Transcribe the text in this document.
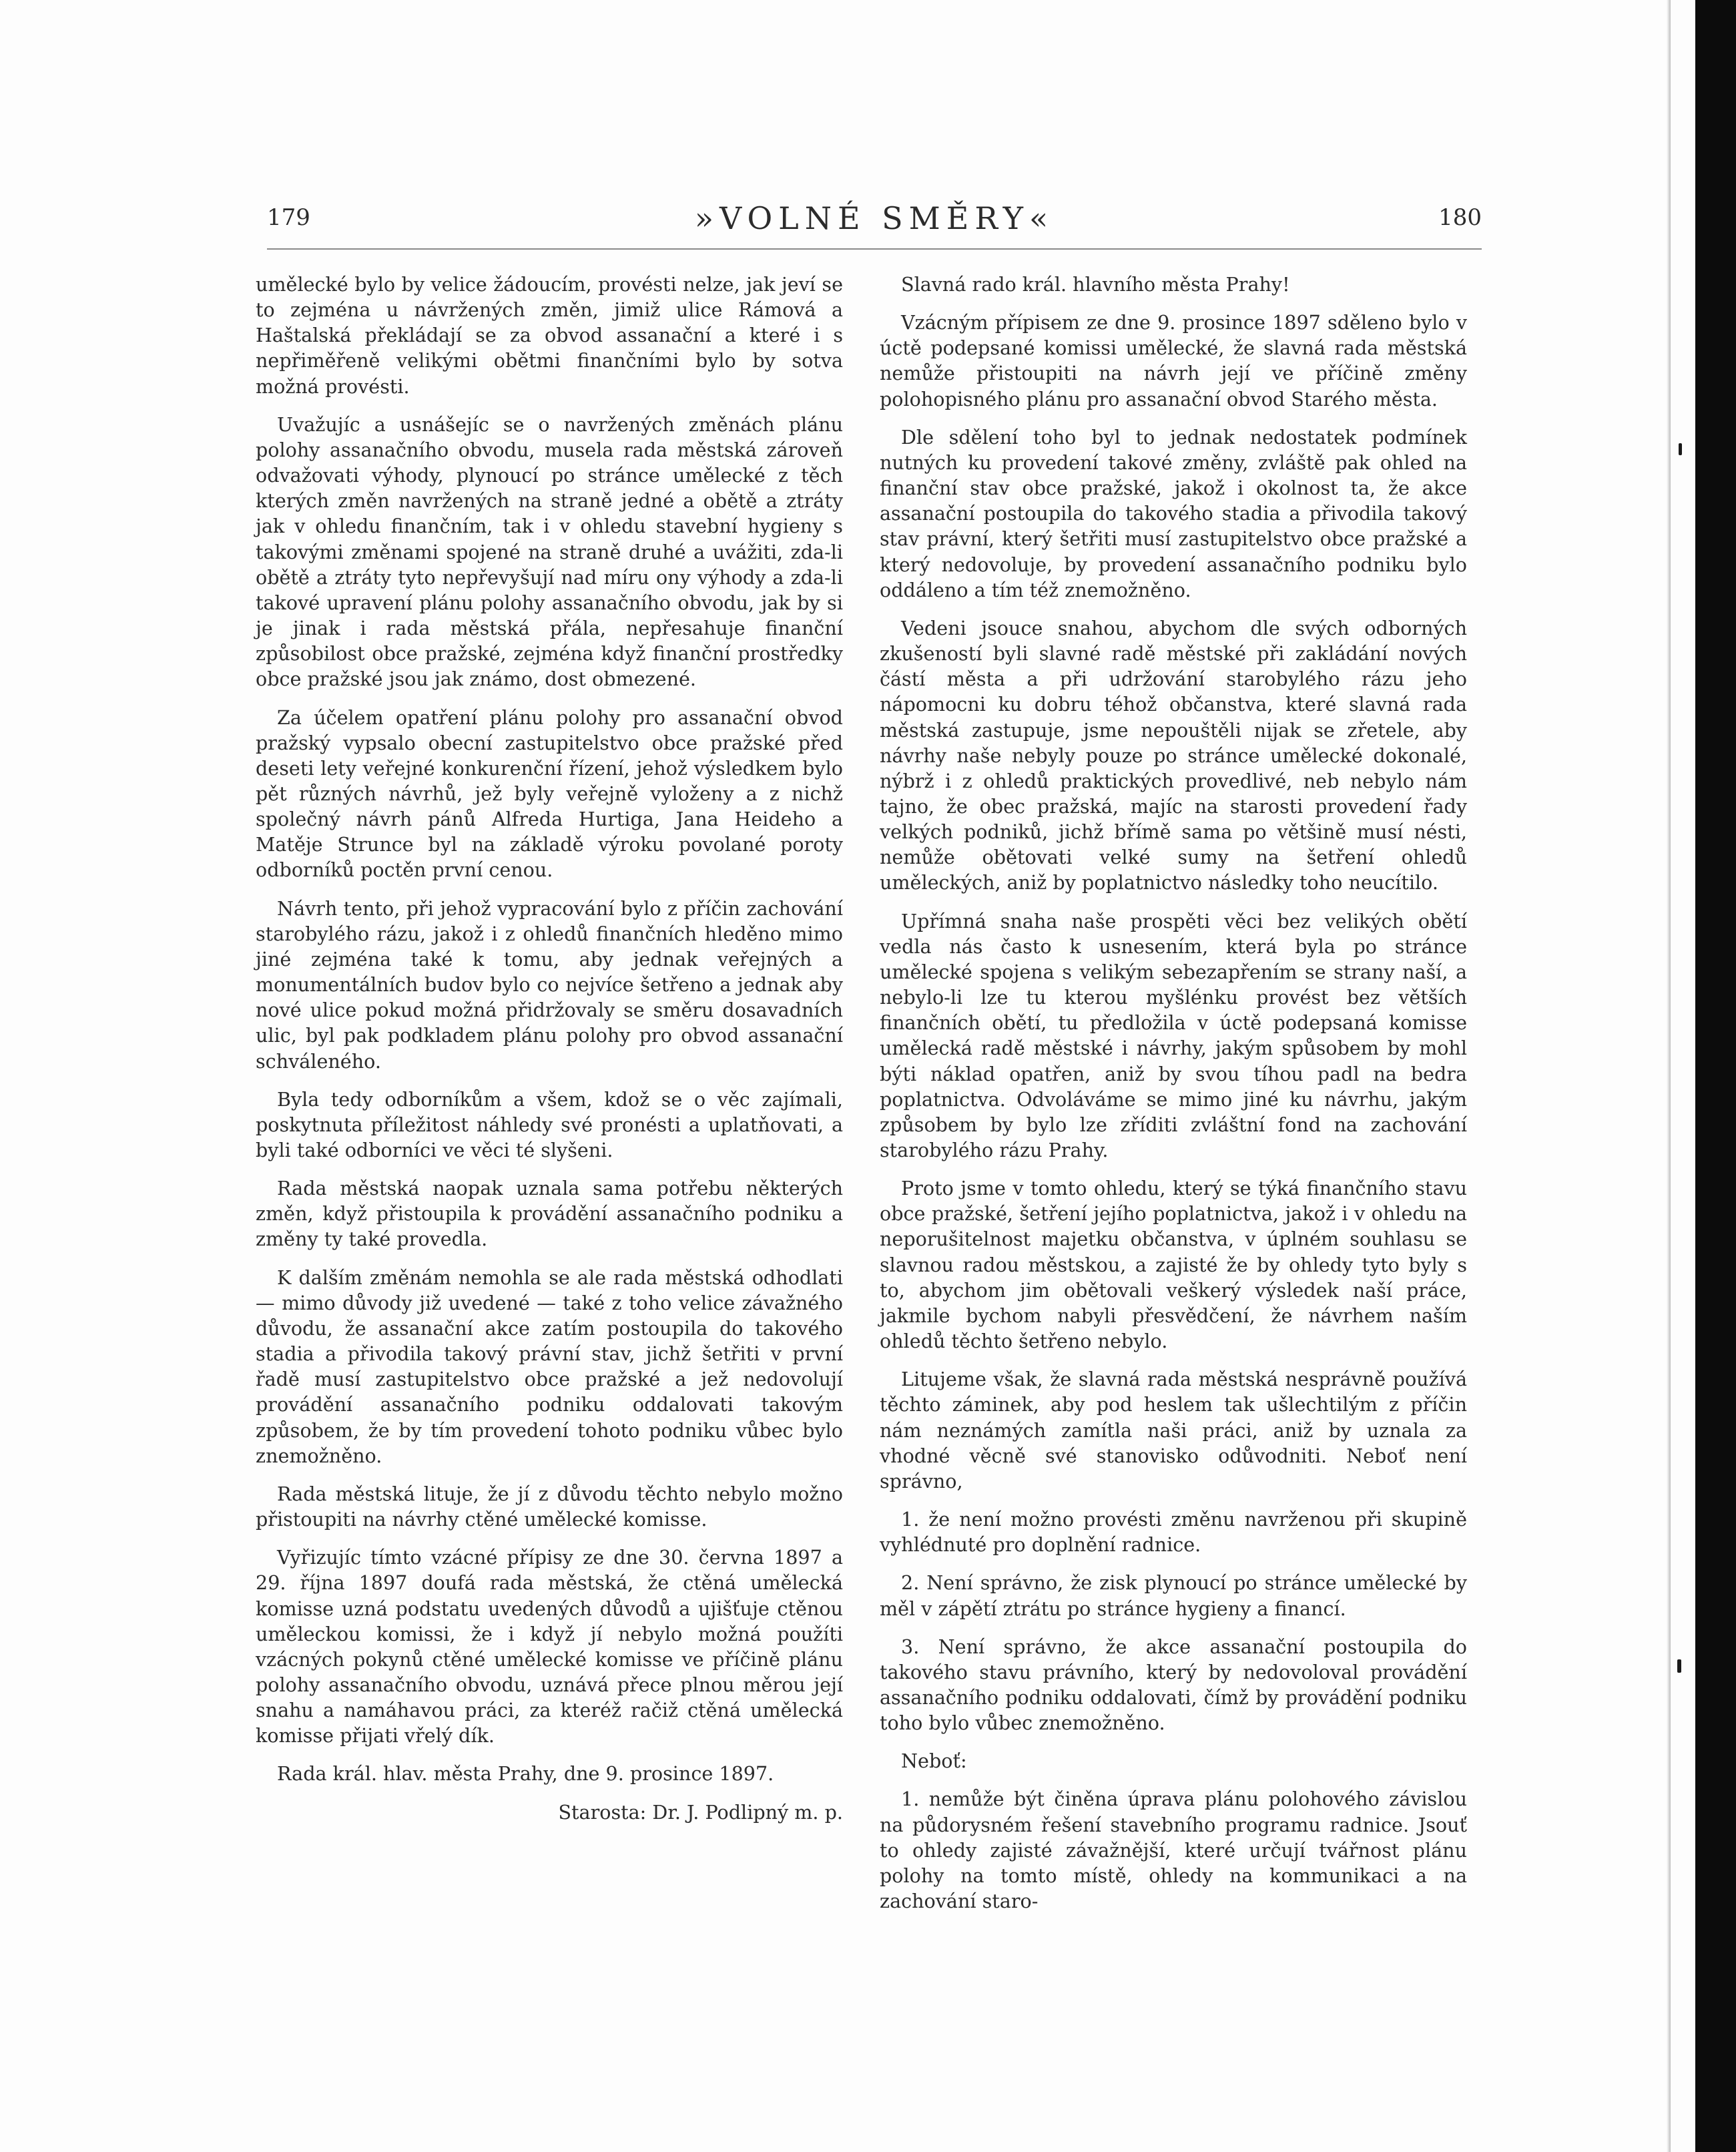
179	»VOLNÉ SMĚRY«	180

umělecké bylo by velice žádoucím, provésti nelze, jak jeví se to zejména u návržených změn, jimiž ulice Rámová a Haštalská překládají se za obvod assanační a které i s nepřiměřeně velikými obětmi finančními bylo by sotva možná provésti.

Uvažujíc a usnášejíc se o navržených změnách plánu polohy assanačního obvodu, musela rada městská zároveň odvažovati výhody, plynoucí po stránce umělecké z těch kterých změn navržených na straně jedné a obětě a ztráty jak v ohledu finančním, tak i v ohledu stavební hygieny s takovými změnami spojené na straně druhé a uvážiti, zda-li obětě a ztráty tyto nepřevyšují nad míru ony výhody a zda-li takové upravení plánu polohy assanačního obvodu, jak by si je jinak i rada městská přála, nepřesahuje finanční způsobilost obce pražské, zejména když finanční prostředky obce pražské jsou jak známo, dost obmezené.

Za účelem opatření plánu polohy pro assanační obvod pražský vypsalo obecní zastupitelstvo obce pražské před deseti lety veřejné konkurenční řízení, jehož výsledkem bylo pět různých návrhů, jež byly veřejně vyloženy a z nichž společný návrh pánů Alfreda Hurtiga, Jana Heideho a Matěje Strunce byl na základě výroku povolané poroty odborníků poctěn první cenou.

Návrh tento, při jehož vypracování bylo z příčin zachování starobylého rázu, jakož i z ohledů finančních hleděno mimo jiné zejména také k tomu, aby jednak veřejných a monumentálních budov bylo co nejvíce šetřeno a jednak aby nové ulice pokud možná přidržovaly se směru dosavadních ulic, byl pak podkladem plánu polohy pro obvod assanační schváleného.

Byla tedy odborníkům a všem, kdož se o věc zajímali, poskytnuta příležitost náhledy své pronésti a uplatňovati, a byli také odborníci ve věci té slyšeni.

Rada městská naopak uznala sama potřebu některých změn, když přistoupila k provádění assanačního podniku a změny ty také provedla.

K dalším změnám nemohla se ale rada městská odhodlati — mimo důvody již uvedené — také z toho velice závažného důvodu, že assanační akce zatím postoupila do takového stadia a přivodila takový právní stav, jichž šetřiti v první řadě musí zastupitelstvo obce pražské a jež nedovolují provádění assanačního podniku oddalovati takovým způsobem, že by tím provedení tohoto podniku vůbec bylo znemožněno.

Rada městská lituje, že jí z důvodu těchto nebylo možno přistoupiti na návrhy ctěné umělecké komisse.

Vyřizujíc tímto vzácné přípisy ze dne 30. června 1897 a 29. října 1897 doufá rada městská, že ctěná umělecká komisse uzná podstatu uvedených důvodů a ujišťuje ctěnou uměleckou komissi, že i když jí nebylo možná použíti vzácných pokynů ctěné umělecké komisse ve příčině plánu polohy assanačního obvodu, uznává přece plnou měrou její snahu a namáhavou práci, za kteréž račiž ctěná umělecká komisse přijati vřelý dík.

Rada král. hlav. města Prahy, dne 9. prosince 1897.

Starosta: Dr. J. Podlipný m. p.

Slavná rado král. hlavního města Prahy!

Vzácným přípisem ze dne 9. prosince 1897 sděleno bylo v úctě podepsané komissi umělecké, že slavná rada městská nemůže přistoupiti na návrh její ve příčině změny polohopisného plánu pro assanační obvod Starého města.

Dle sdělení toho byl to jednak nedostatek podmínek nutných ku provedení takové změny, zvláště pak ohled na finanční stav obce pražské, jakož i okolnost ta, že akce assanační postoupila do takového stadia a přivodila takový stav právní, který šetřiti musí zastupitelstvo obce pražské a který nedovoluje, by provedení assanačního podniku bylo oddáleno a tím též znemožněno.

Vedeni jsouce snahou, abychom dle svých odborných zkušeností byli slavné radě městské při zakládání nových částí města a při udržování starobylého rázu jeho nápomocni ku dobru téhož občanstva, které slavná rada městská zastupuje, jsme nepouštěli nijak se zřetele, aby návrhy naše nebyly pouze po stránce umělecké dokonalé, nýbrž i z ohledů praktických provedlivé, neb nebylo nám tajno, že obec pražská, majíc na starosti provedení řady velkých podniků, jichž břímě sama po většině musí nésti, nemůže obětovati velké sumy na šetření ohledů uměleckých, aniž by poplatnictvo následky toho neucítilo.

Upřímná snaha naše prospěti věci bez velikých obětí vedla nás často k usnesením, která byla po stránce umělecké spojena s velikým sebezapřením se strany naší, a nebylo-li lze tu kterou myšlénku provést bez větších finančních obětí, tu předložila v úctě podepsaná komisse umělecká radě městské i návrhy, jakým spůsobem by mohl býti náklad opatřen, aniž by svou tíhou padl na bedra poplatnictva. Odvoláváme se mimo jiné ku návrhu, jakým způsobem by bylo lze zříditi zvláštní fond na zachování starobylého rázu Prahy.

Proto jsme v tomto ohledu, který se týká finančního stavu obce pražské, šetření jejího poplatnictva, jakož i v ohledu na neporušitelnost majetku občanstva, v úplném souhlasu se slavnou radou městskou, a zajisté že by ohledy tyto byly s to, abychom jim obětovali veškerý výsledek naší práce, jakmile bychom nabyli přesvědčení, že návrhem naším ohledů těchto šetřeno nebylo.

Litujeme však, že slavná rada městská nesprávně používá těchto záminek, aby pod heslem tak ušlechtilým z příčin nám neznámých zamítla naši práci, aniž by uznala za vhodné věcně své stanovisko odůvodniti. Neboť není správno,

1. že není možno provésti změnu navrženou při skupině vyhlédnuté pro doplnění radnice.

2. Není správno, že zisk plynoucí po stránce umělecké by měl v zápětí ztrátu po stránce hygieny a financí.

3. Není správno, že akce assanační postoupila do takového stavu právního, který by nedovoloval provádění assanačního podniku oddalovati, čímž by provádění podniku toho bylo vůbec znemožněno.

Neboť:

1. nemůže být činěna úprava plánu polohového závislou na půdorysném řešení stavebního programu radnice. Jsouť to ohledy zajisté závažnější, které určují tvářnost plánu polohy na tomto místě, ohledy na kommunikaci a na zachování staro-
